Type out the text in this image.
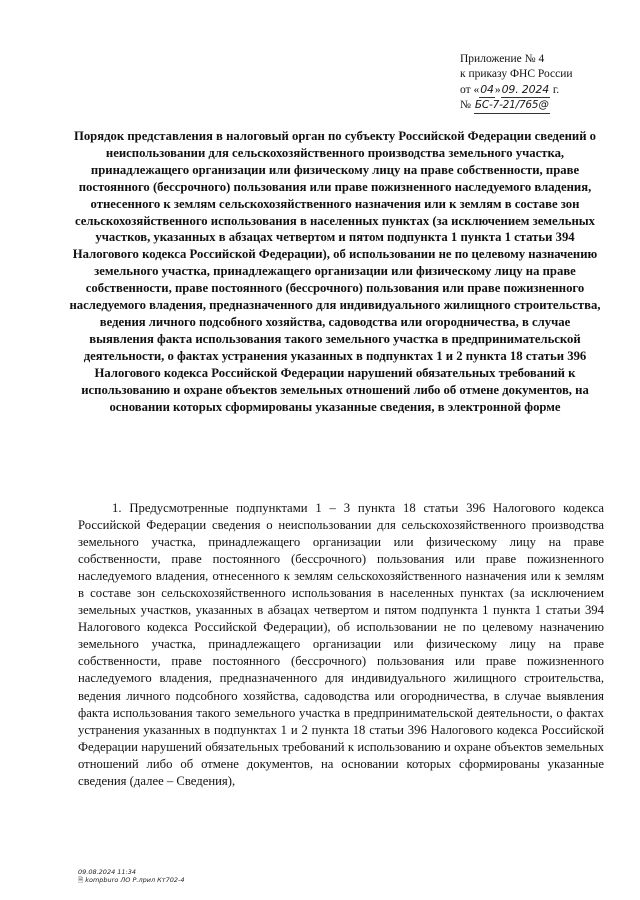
Приложение № 4
к приказу ФНС России
от «04»09. 2024 г.
№ БС-7-21/765@
Порядок представления в налоговый орган по субъекту Российской Федерации сведений о неиспользовании для сельскохозяйственного производства земельного участка, принадлежащего организации или физическому лицу на праве собственности, праве постоянного (бессрочного) пользования или праве пожизненного наследуемого владения, отнесенного к землям сельскохозяйственного назначения или к землям в составе зон сельскохозяйственного использования в населенных пунктах (за исключением земельных участков, указанных в абзацах четвертом и пятом подпункта 1 пункта 1 статьи 394 Налогового кодекса Российской Федерации), об использовании не по целевому назначению земельного участка, принадлежащего организации или физическому лицу на праве собственности, праве постоянного (бессрочного) пользования или праве пожизненного наследуемого владения, предназначенного для индивидуального жилищного строительства, ведения личного подсобного хозяйства, садоводства или огородничества, в случае выявления факта использования такого земельного участка в предпринимательской деятельности, о фактах устранения указанных в подпунктах 1 и 2 пункта 18 статьи 396 Налогового кодекса Российской Федерации нарушений обязательных требований к использованию и охране объектов земельных отношений либо об отмене документов, на основании которых сформированы указанные сведения, в электронной форме
1. Предусмотренные подпунктами 1 – 3 пункта 18 статьи 396 Налогового кодекса Российской Федерации сведения о неиспользовании для сельскохозяйственного производства земельного участка, принадлежащего организации или физическому лицу на праве собственности, праве постоянного (бессрочного) пользования или праве пожизненного наследуемого владения, отнесенного к землям сельскохозяйственного назначения или к землям в составе зон сельскохозяйственного использования в населенных пунктах (за исключением земельных участков, указанных в абзацах четвертом и пятом подпункта 1 пункта 1 статьи 394 Налогового кодекса Российской Федерации), об использовании не по целевому назначению земельного участка, принадлежащего организации или физическому лицу на праве собственности, праве постоянного (бессрочного) пользования или праве пожизненного наследуемого владения, предназначенного для индивидуального жилищного строительства, ведения личного подсобного хозяйства, садоводства или огородничества, в случае выявления факта использования такого земельного участка в предпринимательской деятельности, о фактах устранения указанных в подпунктах 1 и 2 пункта 18 статьи 396 Налогового кодекса Российской Федерации нарушений обязательных требований к использованию и охране объектов земельных отношений либо об отмене документов, на основании которых сформированы указанные сведения (далее – Сведения),
09.08.2024 11:34
🗎 kompburo ЛО Р.лрил Кт702-4
